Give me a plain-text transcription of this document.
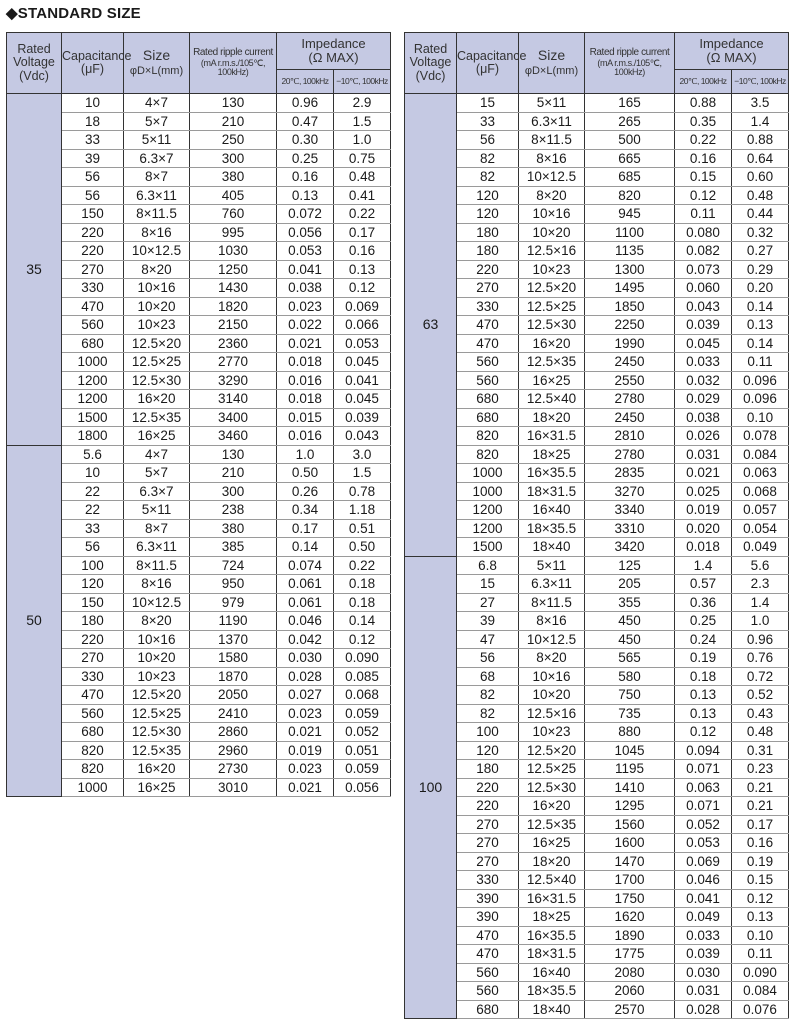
◆STANDARD SIZE
Rated
Voltage
(Vdc)	Capacitance
(μF)	Size
φD×L(mm)	Rated ripple current
(mA r.m.s./105℃, 100kHz)	Impedance
(Ω MAX)	
				20℃, 100kHz	−10℃, 100kHz
35	10	4×7	130	0.96	2.9
	18	5×7	210	0.47	1.5
	33	5×11	250	0.30	1.0
	39	6.3×7	300	0.25	0.75
	56	8×7	380	0.16	0.48
	56	6.3×11	405	0.13	0.41
	150	8×11.5	760	0.072	0.22
	220	8×16	995	0.056	0.17
	220	10×12.5	1030	0.053	0.16
	270	8×20	1250	0.041	0.13
	330	10×16	1430	0.038	0.12
	470	10×20	1820	0.023	0.069
	560	10×23	2150	0.022	0.066
	680	12.5×20	2360	0.021	0.053
	1000	12.5×25	2770	0.018	0.045
	1200	12.5×30	3290	0.016	0.041
	1200	16×20	3140	0.018	0.045
	1500	12.5×35	3400	0.015	0.039
	1800	16×25	3460	0.016	0.043
50	5.6	4×7	130	1.0	3.0
	10	5×7	210	0.50	1.5
	22	6.3×7	300	0.26	0.78
	22	5×11	238	0.34	1.18
	33	8×7	380	0.17	0.51
	56	6.3×11	385	0.14	0.50
	100	8×11.5	724	0.074	0.22
	120	8×16	950	0.061	0.18
	150	10×12.5	979	0.061	0.18
	180	8×20	1190	0.046	0.14
	220	10×16	1370	0.042	0.12
	270	10×20	1580	0.030	0.090
	330	10×23	1870	0.028	0.085
	470	12.5×20	2050	0.027	0.068
	560	12.5×25	2410	0.023	0.059
	680	12.5×30	2860	0.021	0.052
	820	12.5×35	2960	0.019	0.051
	820	16×20	2730	0.023	0.059
	1000	16×25	3010	0.021	0.056
Rated
Voltage
(Vdc)	Capacitance
(μF)	Size
φD×L(mm)	Rated ripple current
(mA r.m.s./105℃, 100kHz)	Impedance
(Ω MAX)	
				20℃, 100kHz	−10℃, 100kHz
63	15	5×11	165	0.88	3.5
	33	6.3×11	265	0.35	1.4
	56	8×11.5	500	0.22	0.88
	82	8×16	665	0.16	0.64
	82	10×12.5	685	0.15	0.60
	120	8×20	820	0.12	0.48
	120	10×16	945	0.11	0.44
	180	10×20	1100	0.080	0.32
	180	12.5×16	1135	0.082	0.27
	220	10×23	1300	0.073	0.29
	270	12.5×20	1495	0.060	0.20
	330	12.5×25	1850	0.043	0.14
	470	12.5×30	2250	0.039	0.13
	470	16×20	1990	0.045	0.14
	560	12.5×35	2450	0.033	0.11
	560	16×25	2550	0.032	0.096
	680	12.5×40	2780	0.029	0.096
	680	18×20	2450	0.038	0.10
	820	16×31.5	2810	0.026	0.078
	820	18×25	2780	0.031	0.084
	1000	16×35.5	2835	0.021	0.063
	1000	18×31.5	3270	0.025	0.068
	1200	16×40	3340	0.019	0.057
	1200	18×35.5	3310	0.020	0.054
	1500	18×40	3420	0.018	0.049
100	6.8	5×11	125	1.4	5.6
	15	6.3×11	205	0.57	2.3
	27	8×11.5	355	0.36	1.4
	39	8×16	450	0.25	1.0
	47	10×12.5	450	0.24	0.96
	56	8×20	565	0.19	0.76
	68	10×16	580	0.18	0.72
	82	10×20	750	0.13	0.52
	82	12.5×16	735	0.13	0.43
	100	10×23	880	0.12	0.48
	120	12.5×20	1045	0.094	0.31
	180	12.5×25	1195	0.071	0.23
	220	12.5×30	1410	0.063	0.21
	220	16×20	1295	0.071	0.21
	270	12.5×35	1560	0.052	0.17
	270	16×25	1600	0.053	0.16
	270	18×20	1470	0.069	0.19
	330	12.5×40	1700	0.046	0.15
	390	16×31.5	1750	0.041	0.12
	390	18×25	1620	0.049	0.13
	470	16×35.5	1890	0.033	0.10
	470	18×31.5	1775	0.039	0.11
	560	16×40	2080	0.030	0.090
	560	18×35.5	2060	0.031	0.084
	680	18×40	2570	0.028	0.076
